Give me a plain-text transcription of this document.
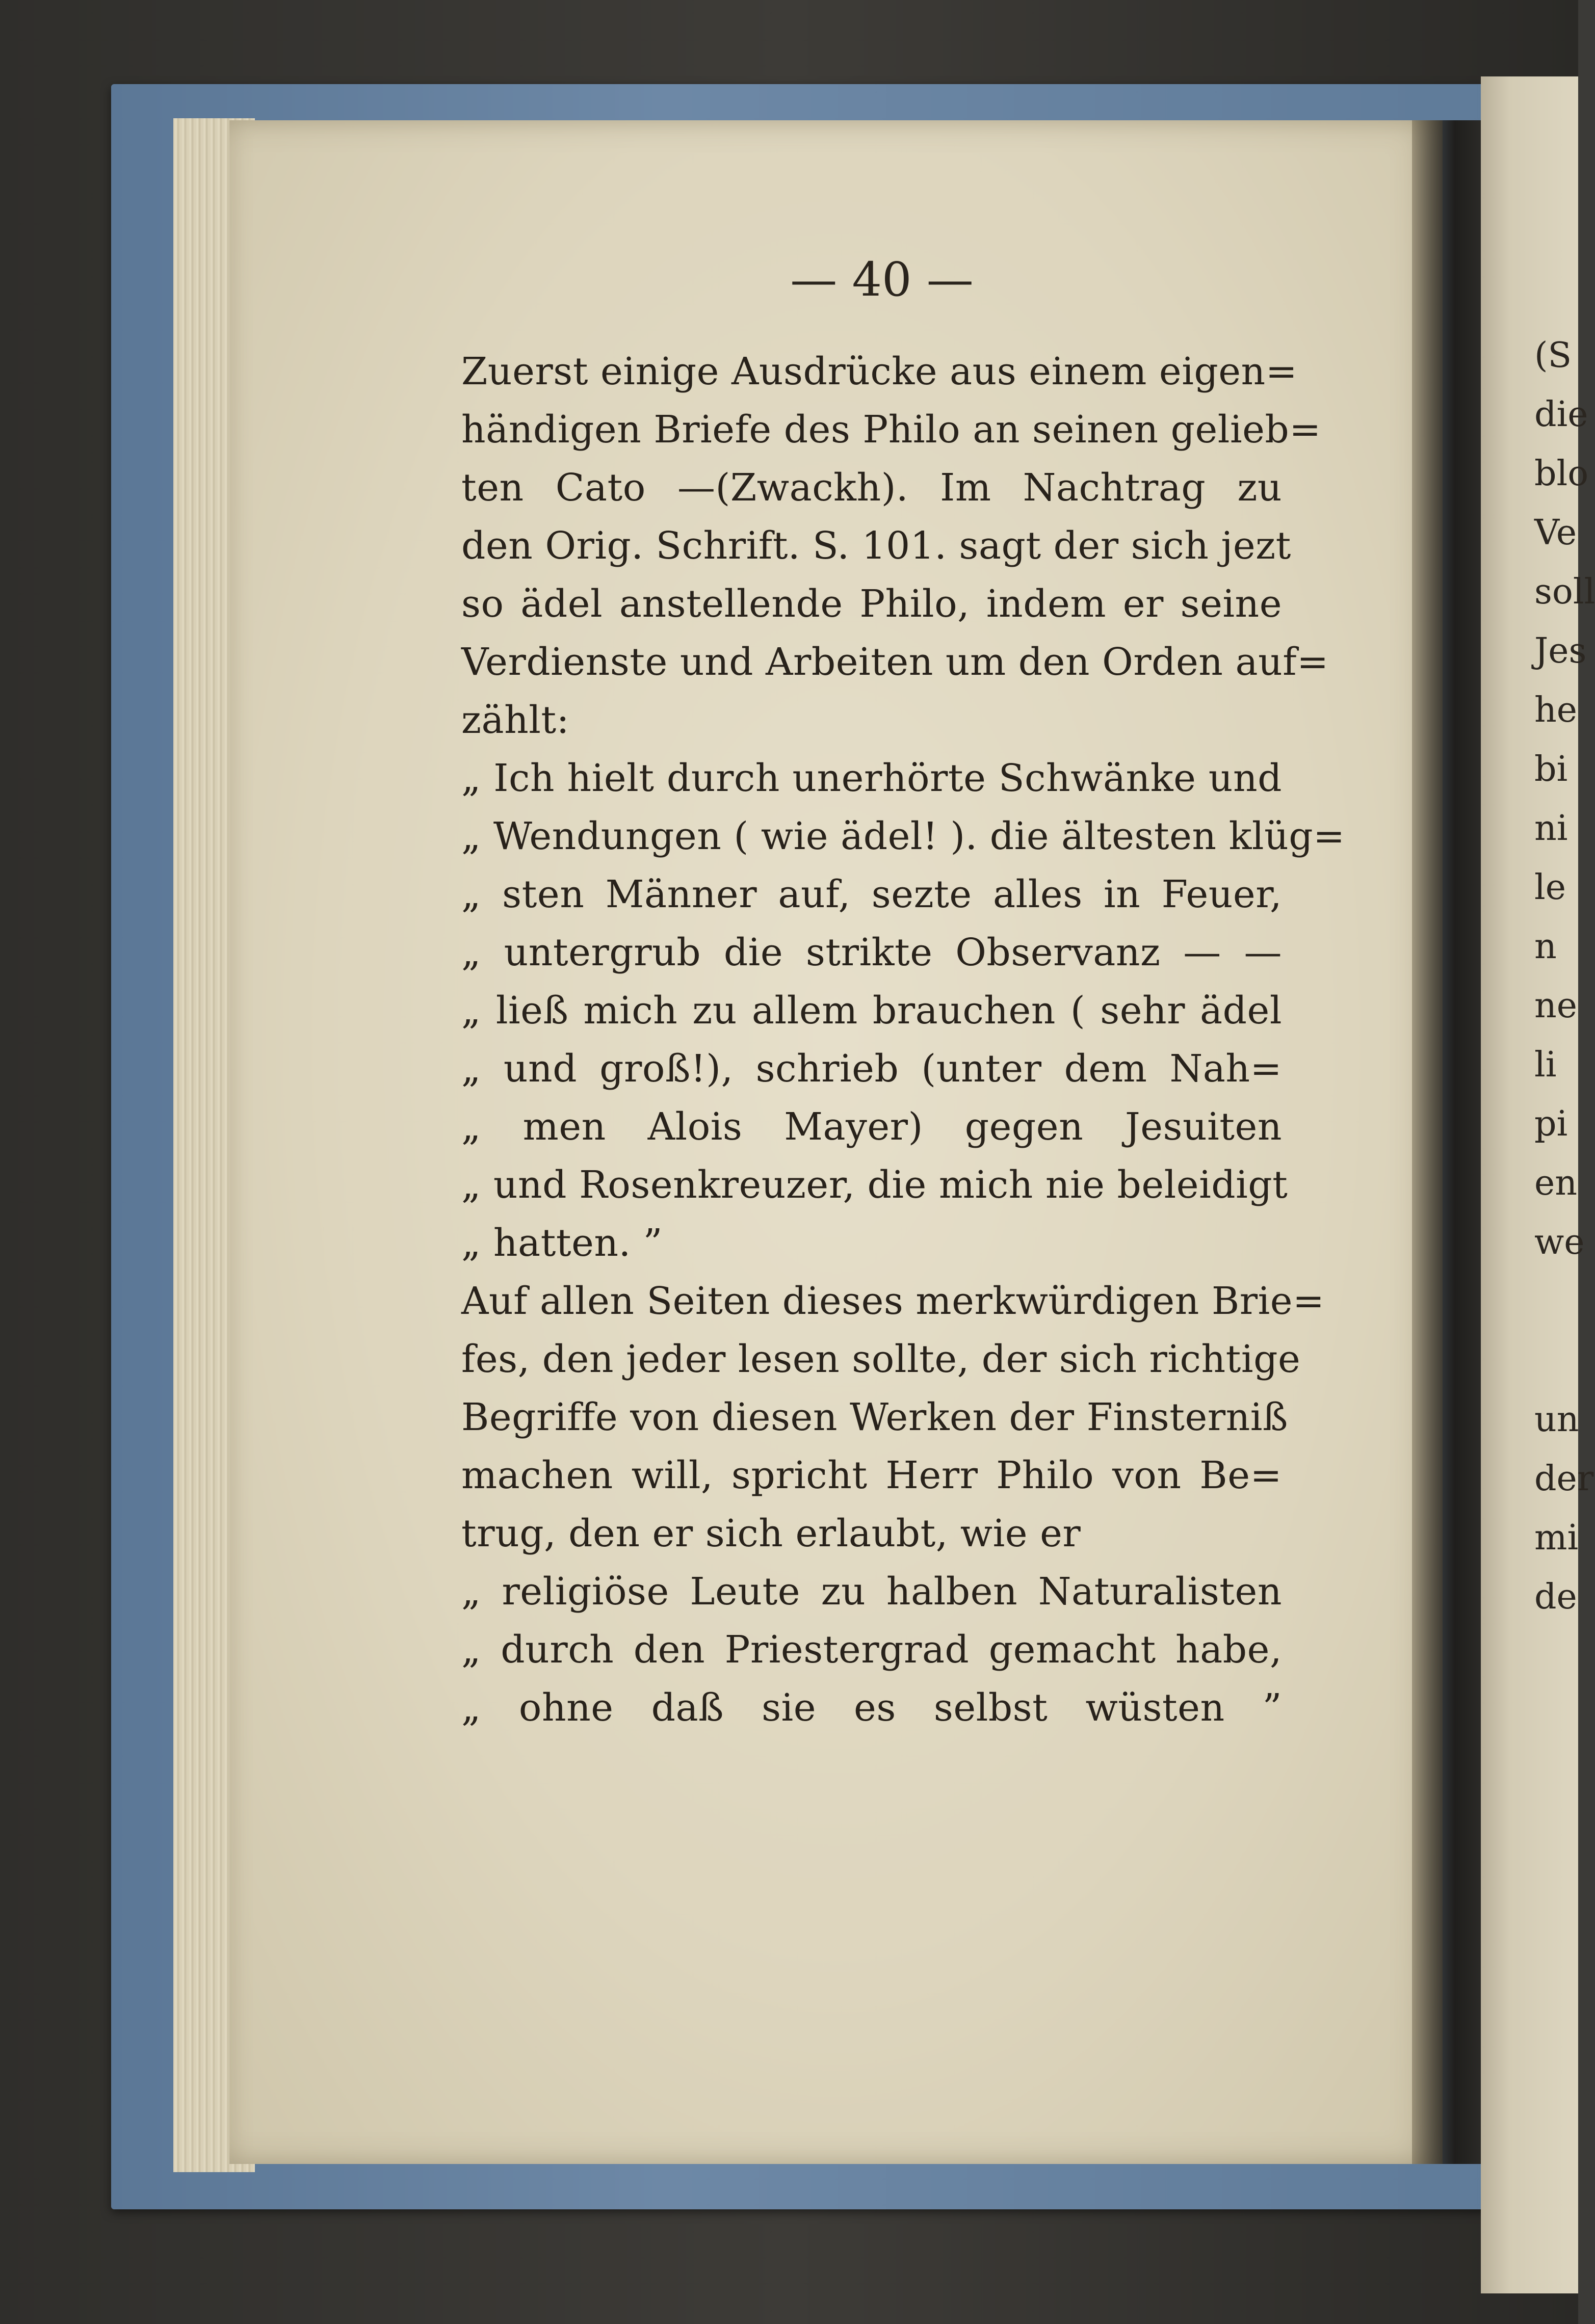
(S
die
blo
Ve
soll
Jes
he
bi
ni
le
n
ne
li
pi
en
we
un
der
mi
de
— 40 —
Zuerst einige Ausdrücke aus einem eigen=
händigen Briefe des Philo an seinen gelieb=
ten Cato —(Zwackh). Im Nachtrag zu
den Orig. Schrift. S. 101. sagt der sich jezt
so ädel anstellende Philo, indem er seine
Verdienste und Arbeiten um den Orden auf=
zählt:
„ Ich hielt durch unerhörte Schwänke und
„ Wendungen ( wie ädel! ). die ältesten klüg=
„ sten Männer auf, sezte alles in Feuer,
„ untergrub die strikte Observanz — —
„ ließ mich zu allem brauchen ( sehr ädel
„ und groß!), schrieb (unter dem Nah=
„ men Alois Mayer) gegen Jesuiten
„ und Rosenkreuzer, die mich nie beleidigt
„ hatten. ”
Auf allen Seiten dieses merkwürdigen Brie=
fes, den jeder lesen sollte, der sich richtige
Begriffe von diesen Werken der Finsterniß
machen will, spricht Herr Philo von Be=
trug, den er sich erlaubt, wie er
„ religiöse Leute zu halben Naturalisten
„ durch den Priestergrad gemacht habe,
„ ohne daß sie es selbst wüsten ”
